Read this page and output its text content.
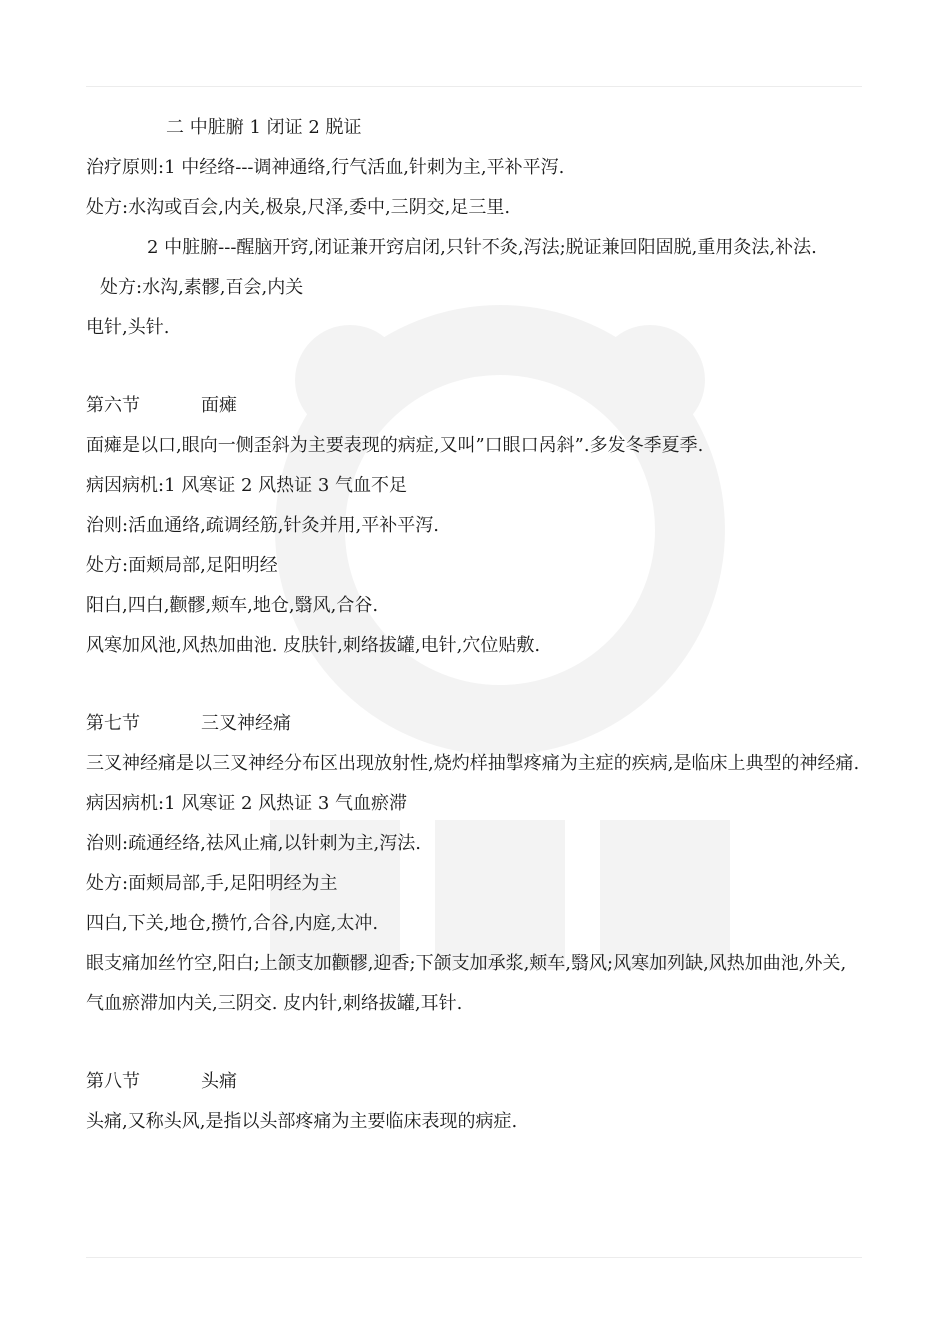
二 中脏腑 1 闭证 2 脱证
治疗原则:1 中经络---调神通络,行气活血,针刺为主,平补平泻.
处方:水沟或百会,内关,极泉,尺泽,委中,三阴交,足三里.
2 中脏腑---醒脑开窍,闭证兼开窍启闭,只针不灸,泻法;脱证兼回阳固脱,重用灸法,补法.
处方:水沟,素髎,百会,内关
电针,头针.
第六节	面瘫
面瘫是以口,眼向一侧歪斜为主要表现的病症,又叫”口眼口呙斜”.多发冬季夏季.
病因病机:1 风寒证 2 风热证 3 气血不足
治则:活血通络,疏调经筋,针灸并用,平补平泻.
处方:面颊局部,足阳明经
阳白,四白,颧髎,颊车,地仓,翳风,合谷.
风寒加风池,风热加曲池. 皮肤针,刺络拔罐,电针,穴位贴敷.
第七节	三叉神经痛
三叉神经痛是以三叉神经分布区出现放射性,烧灼样抽掣疼痛为主症的疾病,是临床上典型的神经痛.
病因病机:1 风寒证 2 风热证 3 气血瘀滞
治则:疏通经络,祛风止痛,以针刺为主,泻法.
处方:面颊局部,手,足阳明经为主
四白,下关,地仓,攒竹,合谷,内庭,太冲.
眼支痛加丝竹空,阳白;上颌支加颧髎,迎香;下颌支加承浆,颊车,翳风;风寒加列缺,风热加曲池,外关,气血瘀滞加内关,三阴交. 皮内针,刺络拔罐,耳针.
第八节	头痛
头痛,又称头风,是指以头部疼痛为主要临床表现的病症.
